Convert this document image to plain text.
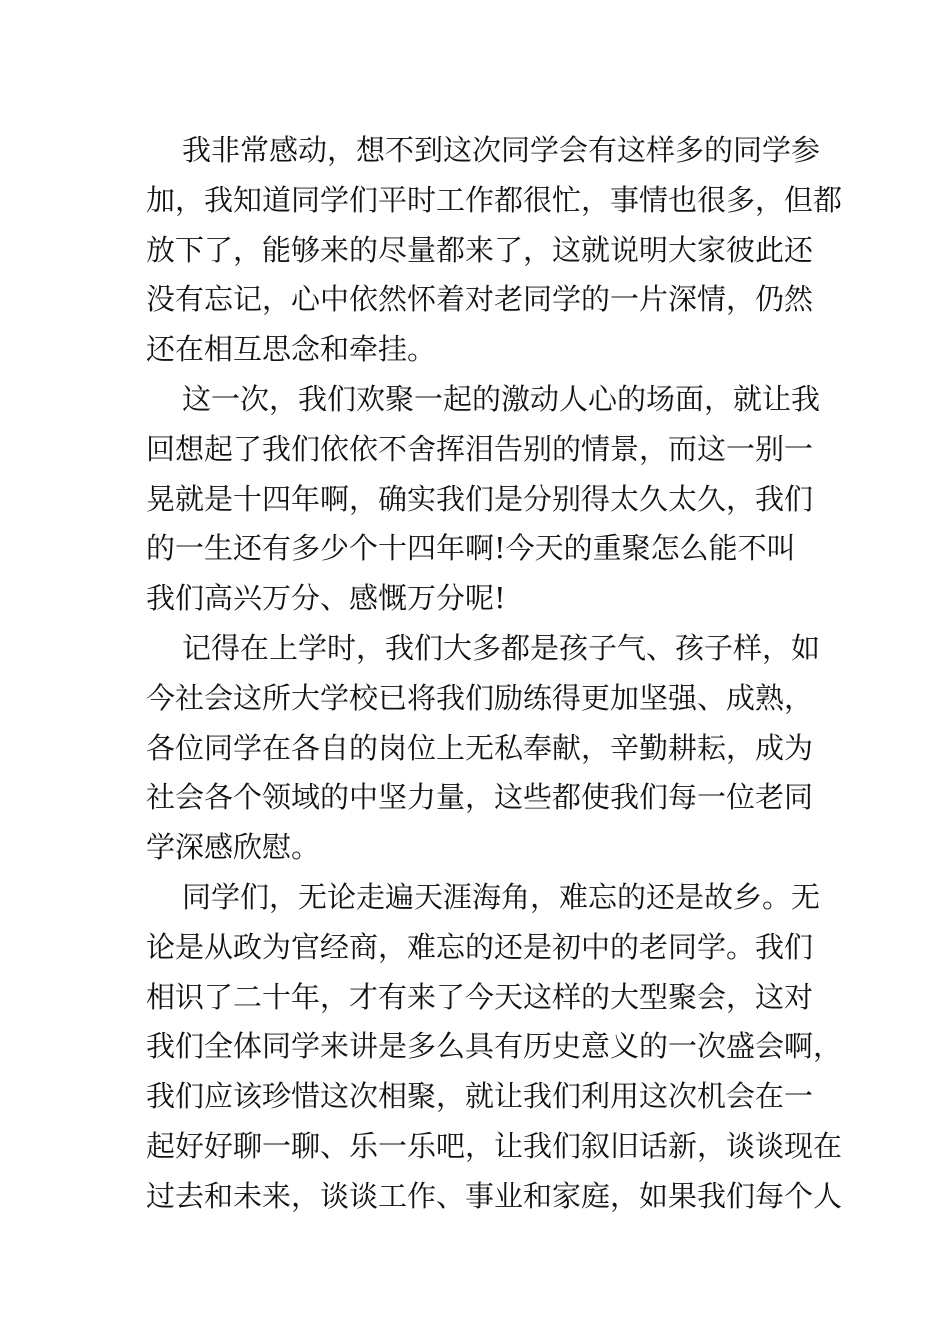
我非常感动，想不到这次同学会有这样多的同学参
加，我知道同学们平时工作都很忙，事情也很多，但都
放下了，能够来的尽量都来了，这就说明大家彼此还
没有忘记，心中依然怀着对老同学的一片深情，仍然
还在相互思念和牵挂。
这一次，我们欢聚一起的激动人心的场面，就让我
回想起了我们依依不舍挥泪告别的情景，而这一别一
晃就是十四年啊，确实我们是分别得太久太久，我们
的一生还有多少个十四年啊!今天的重聚怎么能不叫
我们高兴万分、感慨万分呢!
记得在上学时，我们大多都是孩子气、孩子样，如
今社会这所大学校已将我们励练得更加坚强、成熟，
各位同学在各自的岗位上无私奉献，辛勤耕耘，成为
社会各个领域的中坚力量，这些都使我们每一位老同
学深感欣慰。
同学们，无论走遍天涯海角，难忘的还是故乡。无
论是从政为官经商，难忘的还是初中的老同学。我们
相识了二十年，才有来了今天这样的大型聚会，这对
我们全体同学来讲是多么具有历史意义的一次盛会啊，
我们应该珍惜这次相聚，就让我们利用这次机会在一
起好好聊一聊、乐一乐吧，让我们叙旧话新，谈谈现在
过去和未来，谈谈工作、事业和家庭，如果我们每个人
